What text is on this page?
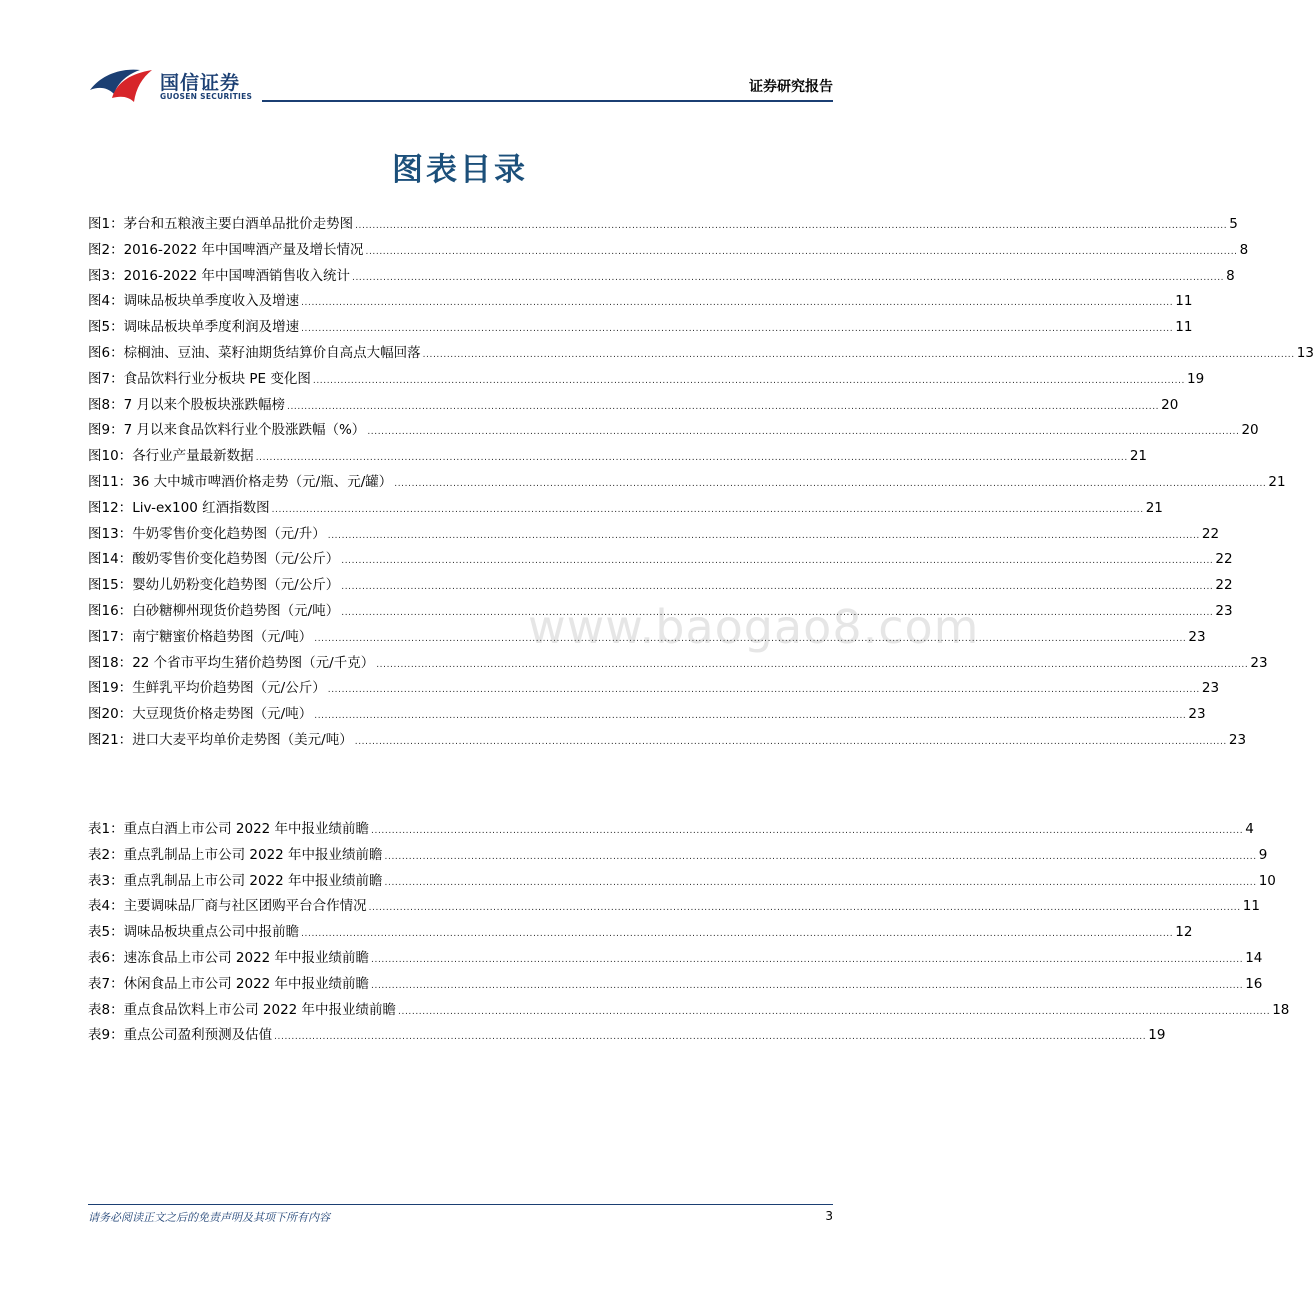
国信证券
GUOSEN SECURITIES
证券研究报告
图表目录
www.baogao8.com
图1： 茅台和五粮液主要白酒单品批价走势图 .....	5
图2： 2016-2022 年中国啤酒产量及增长情况 .....	8
图3： 2016-2022 年中国啤酒销售收入统计 .....	8
图4： 调味品板块单季度收入及增速 .....	11
图5： 调味品板块单季度利润及增速 .....	11
图6： 棕榈油、豆油、菜籽油期货结算价自高点大幅回落 .....	13
图7： 食品饮料行业分板块 PE 变化图 .....	19
图8： 7 月以来个股板块涨跌幅榜 .....	20
图9： 7 月以来食品饮料行业个股涨跌幅（%） .....	20
图10： 各行业产量最新数据 .....	21
图11： 36 大中城市啤酒价格走势（元/瓶、元/罐） .....	21
图12： Liv-ex100 红酒指数图 .....	21
图13： 牛奶零售价变化趋势图（元/升） .....	22
图14： 酸奶零售价变化趋势图（元/公斤） .....	22
图15： 婴幼儿奶粉变化趋势图（元/公斤） .....	22
图16： 白砂糖柳州现货价趋势图（元/吨） .....	23
图17： 南宁糖蜜价格趋势图（元/吨） .....	23
图18： 22 个省市平均生猪价趋势图（元/千克） .....	23
图19： 生鲜乳平均价趋势图（元/公斤） .....	23
图20： 大豆现货价格走势图（元/吨） .....	23
图21： 进口大麦平均单价走势图（美元/吨） .....	23
表1： 重点白酒上市公司 2022 年中报业绩前瞻 .....	4
表2： 重点乳制品上市公司 2022 年中报业绩前瞻 .....	9
表3： 重点乳制品上市公司 2022 年中报业绩前瞻 .....	10
表4： 主要调味品厂商与社区团购平台合作情况 .....	11
表5： 调味品板块重点公司中报前瞻 .....	12
表6： 速冻食品上市公司 2022 年中报业绩前瞻 .....	14
表7： 休闲食品上市公司 2022 年中报业绩前瞻 .....	16
表8： 重点食品饮料上市公司 2022 年中报业绩前瞻 .....	18
表9： 重点公司盈利预测及估值 .....	19
请务必阅读正文之后的免责声明及其项下所有内容	3
